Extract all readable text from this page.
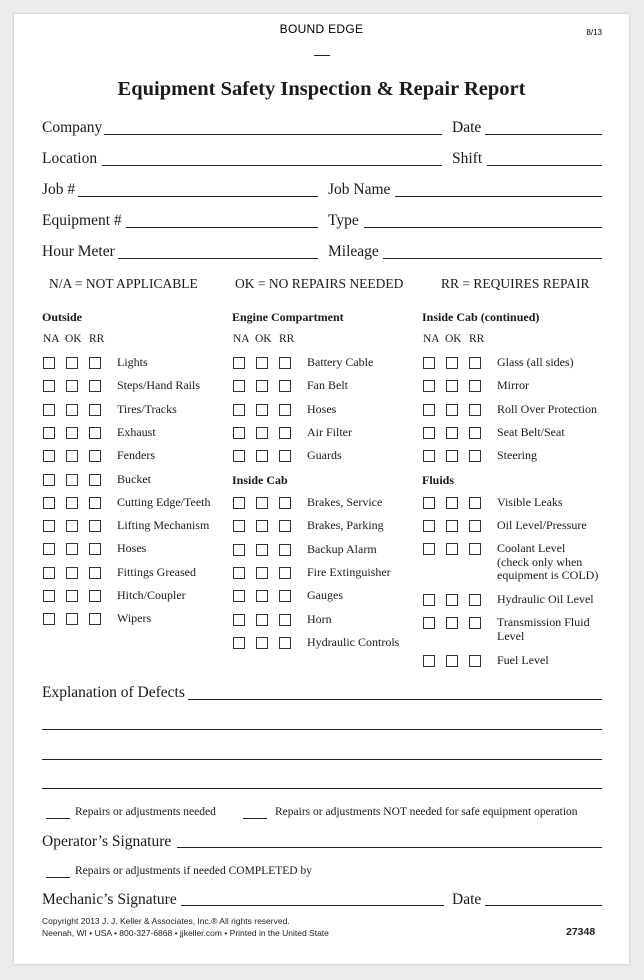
BOUND EDGE	8/13
Equipment Safety Inspection & Repair Report
Company	Date
Location	Shift
Job #	Job Name
Equipment #	Type
Hour Meter	Mileage
N/A = NOT APPLICABLE	OK = NO REPAIRS NEEDED	RR = REQUIRES REPAIR
Outside
NA OK RR
Lights
Steps/Hand Rails
Tires/Tracks
Exhaust
Fenders
Bucket
Cutting Edge/Teeth
Lifting Mechanism
Hoses
Fittings Greased
Hitch/Coupler
Wipers
Engine Compartment
NA OK RR
Battery Cable
Fan Belt
Hoses
Air Filter
Guards
Inside Cab
Brakes, Service
Brakes, Parking
Backup Alarm
Fire Extinguisher
Gauges
Horn
Hydraulic Controls
Inside Cab (continued)
NA OK RR
Glass (all sides)
Mirror
Roll Over Protection
Seat Belt/Seat
Steering
Fluids
Visible Leaks
Oil Level/Pressure
Coolant Level
(check only when
equipment is COLD)
Hydraulic Oil Level
Transmission Fluid
Level
Fuel Level
Explanation of Defects
Repairs or adjustments needed	Repairs or adjustments NOT needed for safe equipment operation
Operator’s Signature
Repairs or adjustments if needed COMPLETED by
Mechanic’s Signature	Date
Copyright 2013 J. J. Keller & Associates, Inc.® All rights reserved.
Neenah, WI • USA • 800-327-6868 • jjkeller.com • Printed in the United State	27348
